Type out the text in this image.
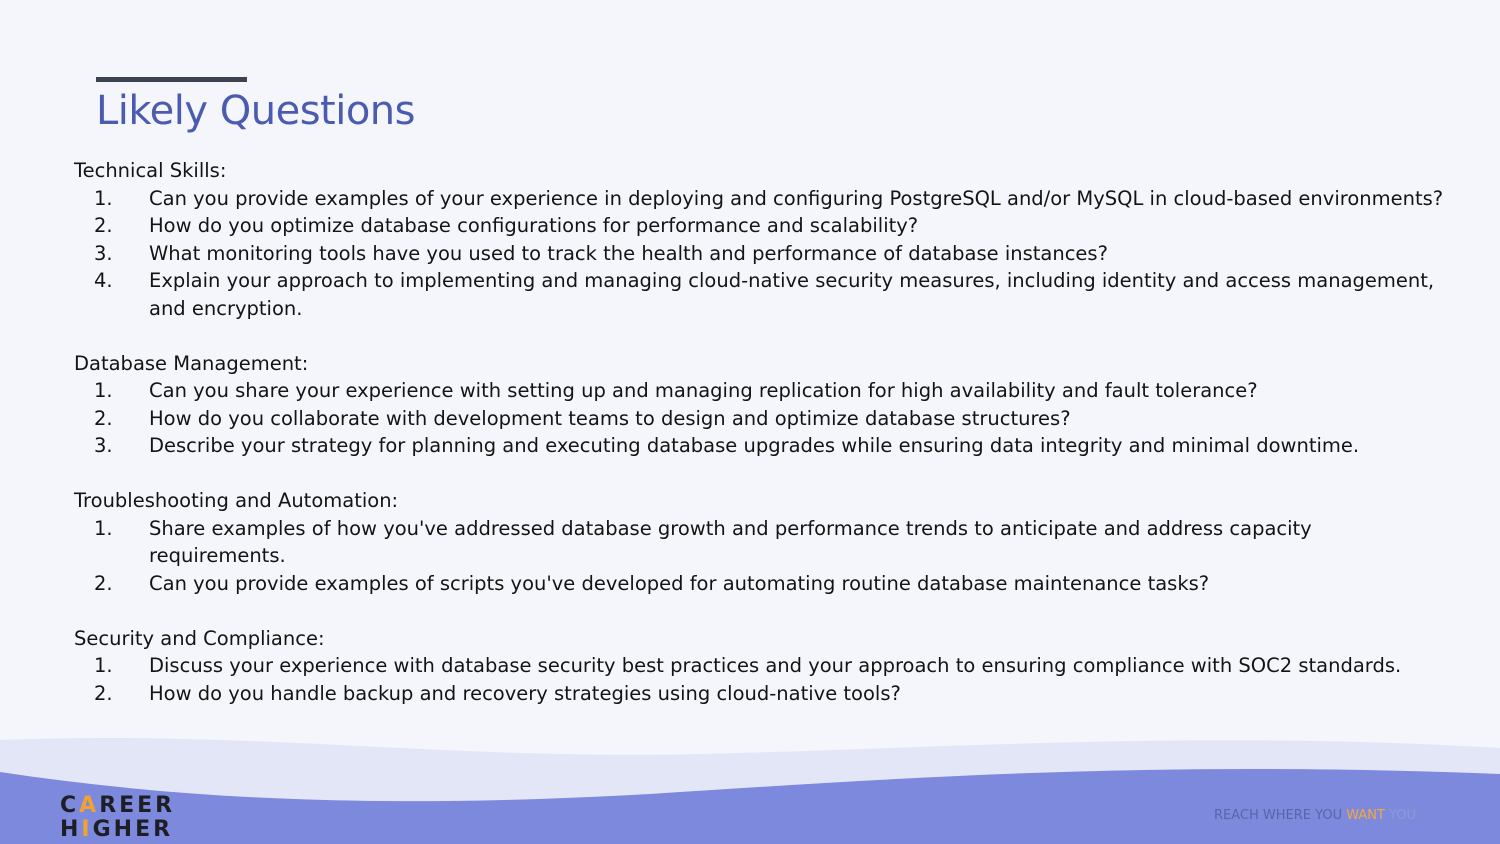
Likely Questions
Technical Skills:
1.	Can you provide examples of your experience in deploying and configuring PostgreSQL and/or MySQL in cloud-based environments?
2.	How do you optimize database configurations for performance and scalability?
3.	What monitoring tools have you used to track the health and performance of database instances?
4.	Explain your approach to implementing and managing cloud-native security measures, including identity and access management, and encryption.
Database Management:
1.	Can you share your experience with setting up and managing replication for high availability and fault tolerance?
2.	How do you collaborate with development teams to design and optimize database structures?
3.	Describe your strategy for planning and executing database upgrades while ensuring data integrity and minimal downtime.
Troubleshooting and Automation:
1.	Share examples of how you've addressed database growth and performance trends to anticipate and address capacity requirements.
2.	Can you provide examples of scripts you've developed for automating routine database maintenance tasks?
Security and Compliance:
1.	Discuss your experience with database security best practices and your approach to ensuring compliance with SOC2 standards.
2.	How do you handle backup and recovery strategies using cloud-native tools?
CAREER
HIGHER
REACH WHERE YOU WANT YOU
